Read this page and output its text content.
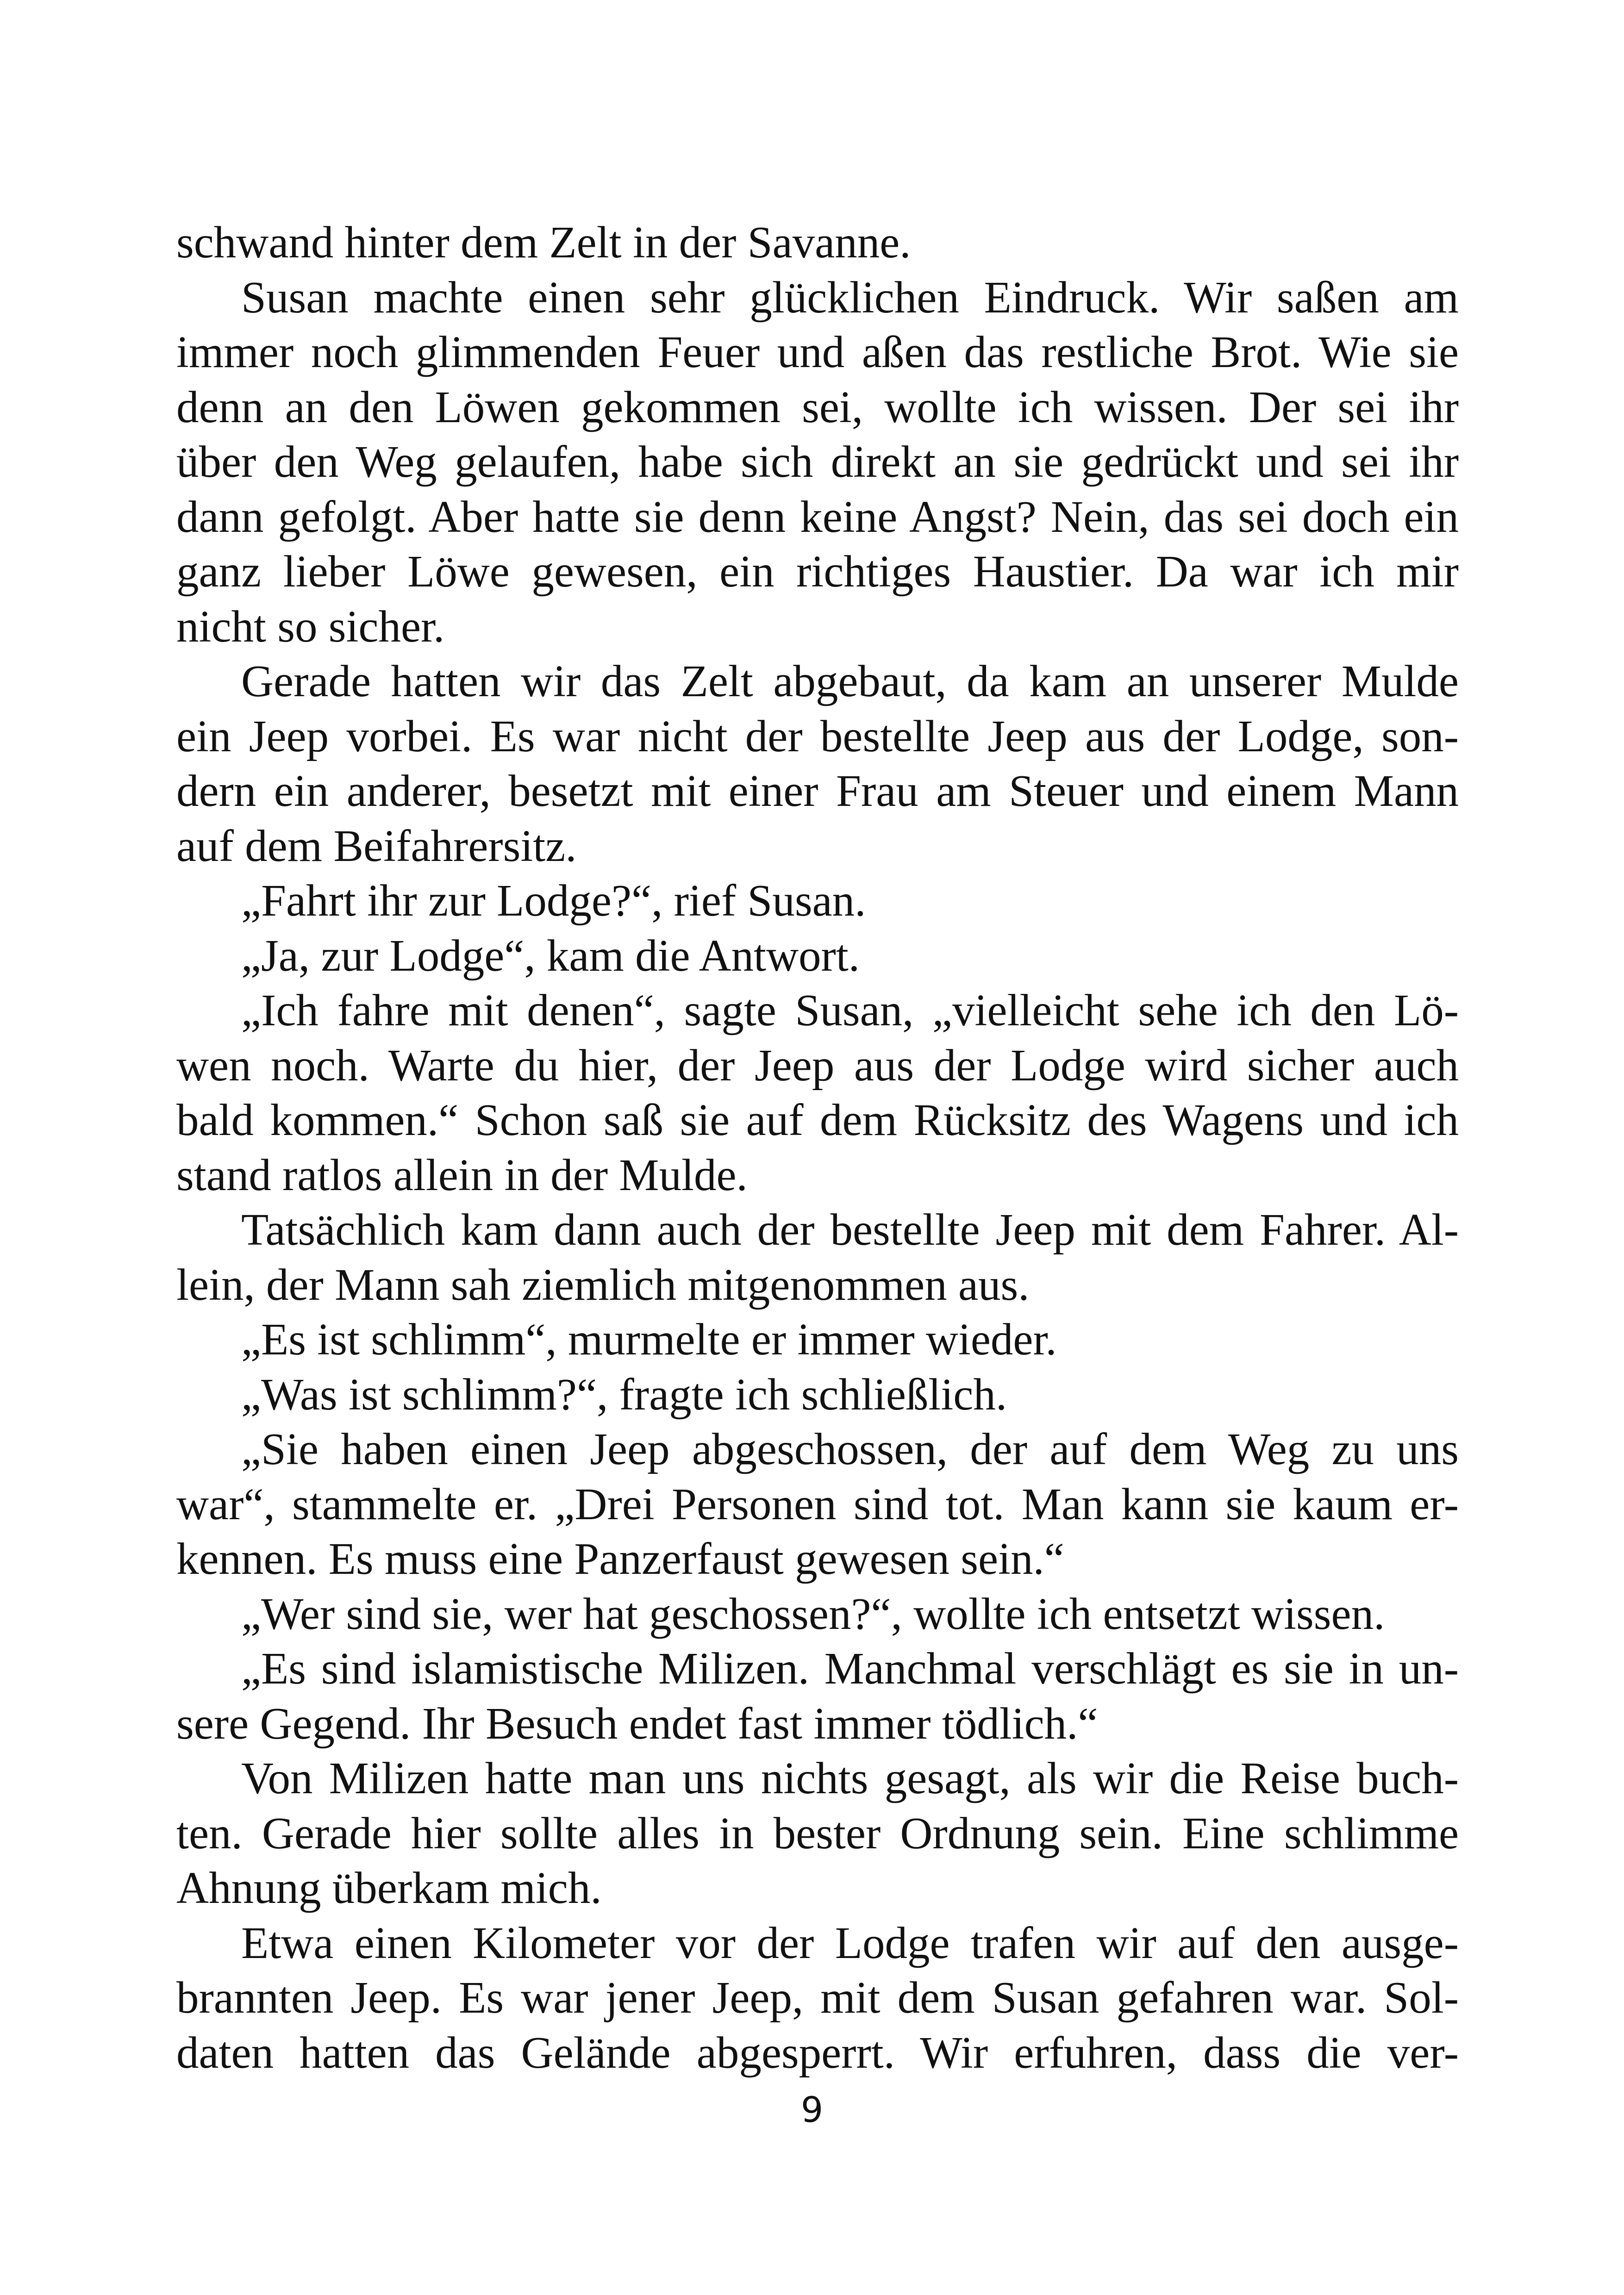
schwand hinter dem Zelt in der Savanne.
Susan machte einen sehr glücklichen Eindruck. Wir saßen am
immer noch glimmenden Feuer und aßen das restliche Brot. Wie sie
denn an den Löwen gekommen sei, wollte ich wissen. Der sei ihr
über den Weg gelaufen, habe sich direkt an sie gedrückt und sei ihr
dann gefolgt. Aber hatte sie denn keine Angst? Nein, das sei doch ein
ganz lieber Löwe gewesen, ein richtiges Haustier. Da war ich mir
nicht so sicher.
Gerade hatten wir das Zelt abgebaut, da kam an unserer Mulde
ein Jeep vorbei. Es war nicht der bestellte Jeep aus der Lodge, son-
dern ein anderer, besetzt mit einer Frau am Steuer und einem Mann
auf dem Beifahrersitz.
„Fahrt ihr zur Lodge?“, rief Susan.
„Ja, zur Lodge“, kam die Antwort.
„Ich fahre mit denen“, sagte Susan, „vielleicht sehe ich den Lö-
wen noch. Warte du hier, der Jeep aus der Lodge wird sicher auch
bald kommen.“ Schon saß sie auf dem Rücksitz des Wagens und ich
stand ratlos allein in der Mulde.
Tatsächlich kam dann auch der bestellte Jeep mit dem Fahrer. Al-
lein, der Mann sah ziemlich mitgenommen aus.
„Es ist schlimm“, murmelte er immer wieder.
„Was ist schlimm?“, fragte ich schließlich.
„Sie haben einen Jeep abgeschossen, der auf dem Weg zu uns
war“, stammelte er. „Drei Personen sind tot. Man kann sie kaum er-
kennen. Es muss eine Panzerfaust gewesen sein.“
„Wer sind sie, wer hat geschossen?“, wollte ich entsetzt wissen.
„Es sind islamistische Milizen. Manchmal verschlägt es sie in un-
sere Gegend. Ihr Besuch endet fast immer tödlich.“
Von Milizen hatte man uns nichts gesagt, als wir die Reise buch-
ten. Gerade hier sollte alles in bester Ordnung sein. Eine schlimme
Ahnung überkam mich.
Etwa einen Kilometer vor der Lodge trafen wir auf den ausge-
brannten Jeep. Es war jener Jeep, mit dem Susan gefahren war. Sol-
daten hatten das Gelände abgesperrt. Wir erfuhren, dass die ver-
9
